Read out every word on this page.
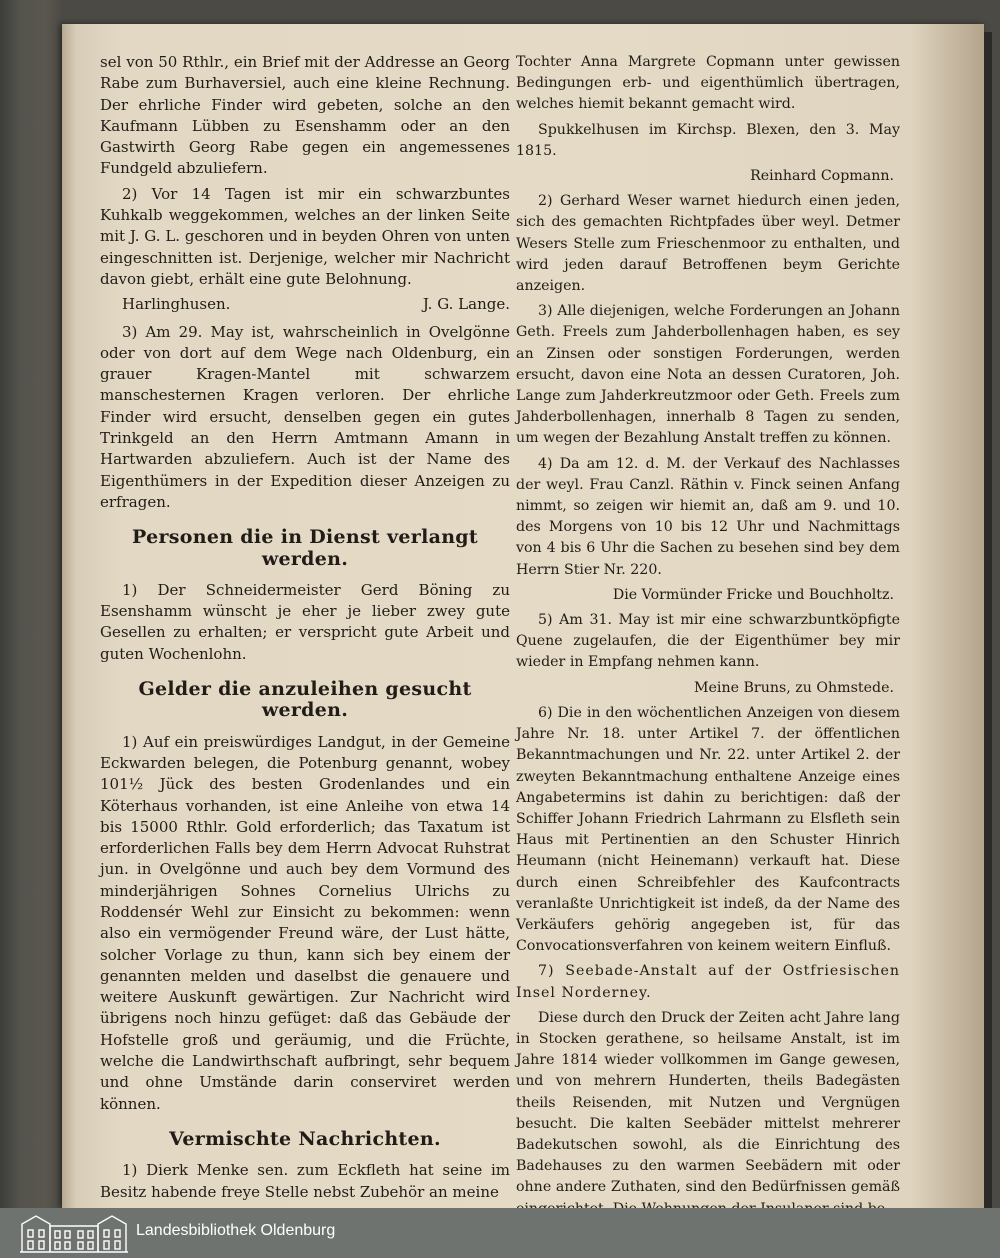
sel von 50 Rthlr., ein Brief mit der Addresse an Georg Rabe zum Burhaversiel, auch eine kleine Rechnung. Der ehrliche Finder wird gebeten, solche an den Kaufmann Lübben zu Esenshamm oder an den Gastwirth Georg Rabe gegen ein angemessenes Fundgeld abzuliefern.

2) Vor 14 Tagen ist mir ein schwarzbuntes Kuhkalb weggekommen, welches an der linken Seite mit J. G. L. geschoren und in beyden Ohren von unten eingeschnitten ist. Derjenige, welcher mir Nachricht davon giebt, erhält eine gute Belohnung.

Harlinghusen.	J. G. Lange.

3) Am 29. May ist, wahrscheinlich in Ovelgönne oder von dort auf dem Wege nach Oldenburg, ein grauer Kragen-Mantel mit schwarzem manschesternen Kragen verloren. Der ehrliche Finder wird ersucht, denselben gegen ein gutes Trinkgeld an den Herrn Amtmann Amann in Hartwarden abzuliefern. Auch ist der Name des Eigenthümers in der Expedition dieser Anzeigen zu erfragen.

Personen die in Dienst verlangt werden.

1) Der Schneidermeister Gerd Böning zu Esenshamm wünscht je eher je lieber zwey gute Gesellen zu erhalten; er verspricht gute Arbeit und guten Wochenlohn.

Gelder die anzuleihen gesucht werden.

1) Auf ein preiswürdiges Landgut, in der Gemeine Eckwarden belegen, die Potenburg genannt, wobey 101½ Jück des besten Grodenlandes und ein Köterhaus vorhanden, ist eine Anleihe von etwa 14 bis 15000 Rthlr. Gold erforderlich; das Taxatum ist erforderlichen Falls bey dem Herrn Advocat Ruhstrat jun. in Ovelgönne und auch bey dem Vormund des minderjährigen Sohnes Cornelius Ulrichs zu Roddensér Wehl zur Einsicht zu bekommen: wenn also ein vermögender Freund wäre, der Lust hätte, solcher Vorlage zu thun, kann sich bey einem der genannten melden und daselbst die genauere und weitere Auskunft gewärtigen. Zur Nachricht wird übrigens noch hinzu gefüget: daß das Gebäude der Hofstelle groß und geräumig, und die Früchte, welche die Landwirthschaft aufbringt, sehr bequem und ohne Umstände darin conserviret werden können.

Vermischte Nachrichten.

1) Dierk Menke sen. zum Eckfleth hat seine im Besitz habende freye Stelle nebst Zubehör an meine

Tochter Anna Margrete Copmann unter gewissen Bedingungen erb- und eigenthümlich übertragen, welches hiemit bekannt gemacht wird.

Spukkelhusen im Kirchsp. Blexen, den 3. May 1815.

Reinhard Copmann.

2) Gerhard Weser warnet hiedurch einen jeden, sich des gemachten Richtpfades über weyl. Detmer Wesers Stelle zum Frieschenmoor zu enthalten, und wird jeden darauf Betroffenen beym Gerichte anzeigen.

3) Alle diejenigen, welche Forderungen an Johann Geth. Freels zum Jahderbollenhagen haben, es sey an Zinsen oder sonstigen Forderungen, werden ersucht, davon eine Nota an dessen Curatoren, Joh. Lange zum Jahderkreutzmoor oder Geth. Freels zum Jahderbollenhagen, innerhalb 8 Tagen zu senden, um wegen der Bezahlung Anstalt treffen zu können.

4) Da am 12. d. M. der Verkauf des Nachlasses der weyl. Frau Canzl. Räthin v. Finck seinen Anfang nimmt, so zeigen wir hiemit an, daß am 9. und 10. des Morgens von 10 bis 12 Uhr und Nachmittags von 4 bis 6 Uhr die Sachen zu besehen sind bey dem Herrn Stier Nr. 220.

Die Vormünder Fricke und Bouchholtz.

5) Am 31. May ist mir eine schwarzbuntköpfigte Quene zugelaufen, die der Eigenthümer bey mir wieder in Empfang nehmen kann.

Meine Bruns, zu Ohmstede.

6) Die in den wöchentlichen Anzeigen von diesem Jahre Nr. 18. unter Artikel 7. der öffentlichen Bekanntmachungen und Nr. 22. unter Artikel 2. der zweyten Bekanntmachung enthaltene Anzeige eines Angabetermins ist dahin zu berichtigen: daß der Schiffer Johann Friedrich Lahrmann zu Elsfleth sein Haus mit Pertinentien an den Schuster Hinrich Heumann (nicht Heinemann) verkauft hat. Diese durch einen Schreibfehler des Kaufcontracts veranlaßte Unrichtigkeit ist indeß, da der Name des Verkäufers gehörig angegeben ist, für das Convocationsverfahren von keinem weitern Einfluß.

7) Seebade-Anstalt auf der Ostfriesischen Insel Norderney.

Diese durch den Druck der Zeiten acht Jahre lang in Stocken gerathene, so heilsame Anstalt, ist im Jahre 1814 wieder vollkommen im Gange gewesen, und von mehrern Hunderten, theils Badegästen theils Reisenden, mit Nutzen und Vergnügen besucht. Die kalten Seebäder mittelst mehrerer Badekutschen sowohl, als die Einrichtung des Badehauses zu den warmen Seebädern mit oder ohne andere Zuthaten, sind den Bedürfnissen gemäß

Landesbibliothek Oldenburg
